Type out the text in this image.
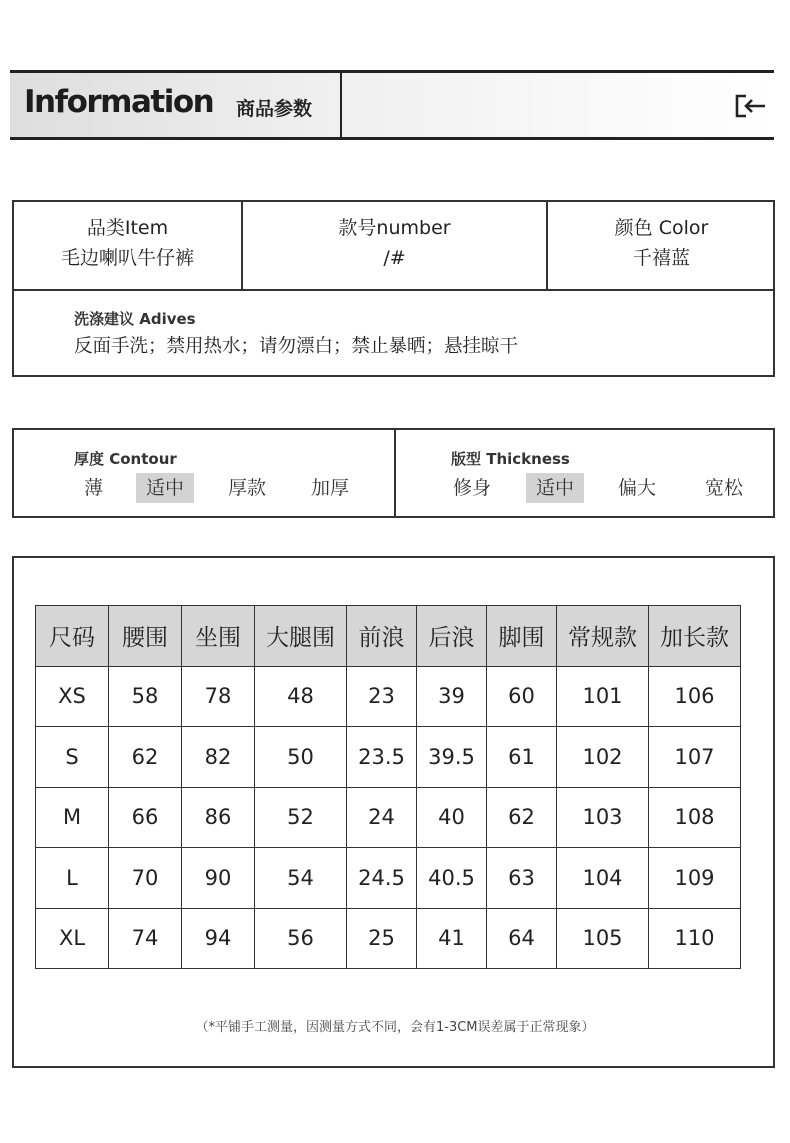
Information 商品参数
品类Item
毛边喇叭牛仔裤
款号number
/#
颜色 Color
千禧蓝
洗涤建议 Adives
反面手洗；禁用热水；请勿漂白；禁止暴晒；悬挂晾干
厚度 Contour
薄	适中	厚款	加厚
版型 Thickness
修身	适中	偏大	宽松
尺码	腰围	坐围	大腿围	前浪	后浪	脚围	常规款	加长款
XS	58	78	48	23	39	60	101	106
S	62	82	50	23.5	39.5	61	102	107
M	66	86	52	24	40	62	103	108
L	70	90	54	24.5	40.5	63	104	109
XL	74	94	56	25	41	64	105	110
（*平铺手工测量，因测量方式不同，会有1-3CM误差属于正常现象）
